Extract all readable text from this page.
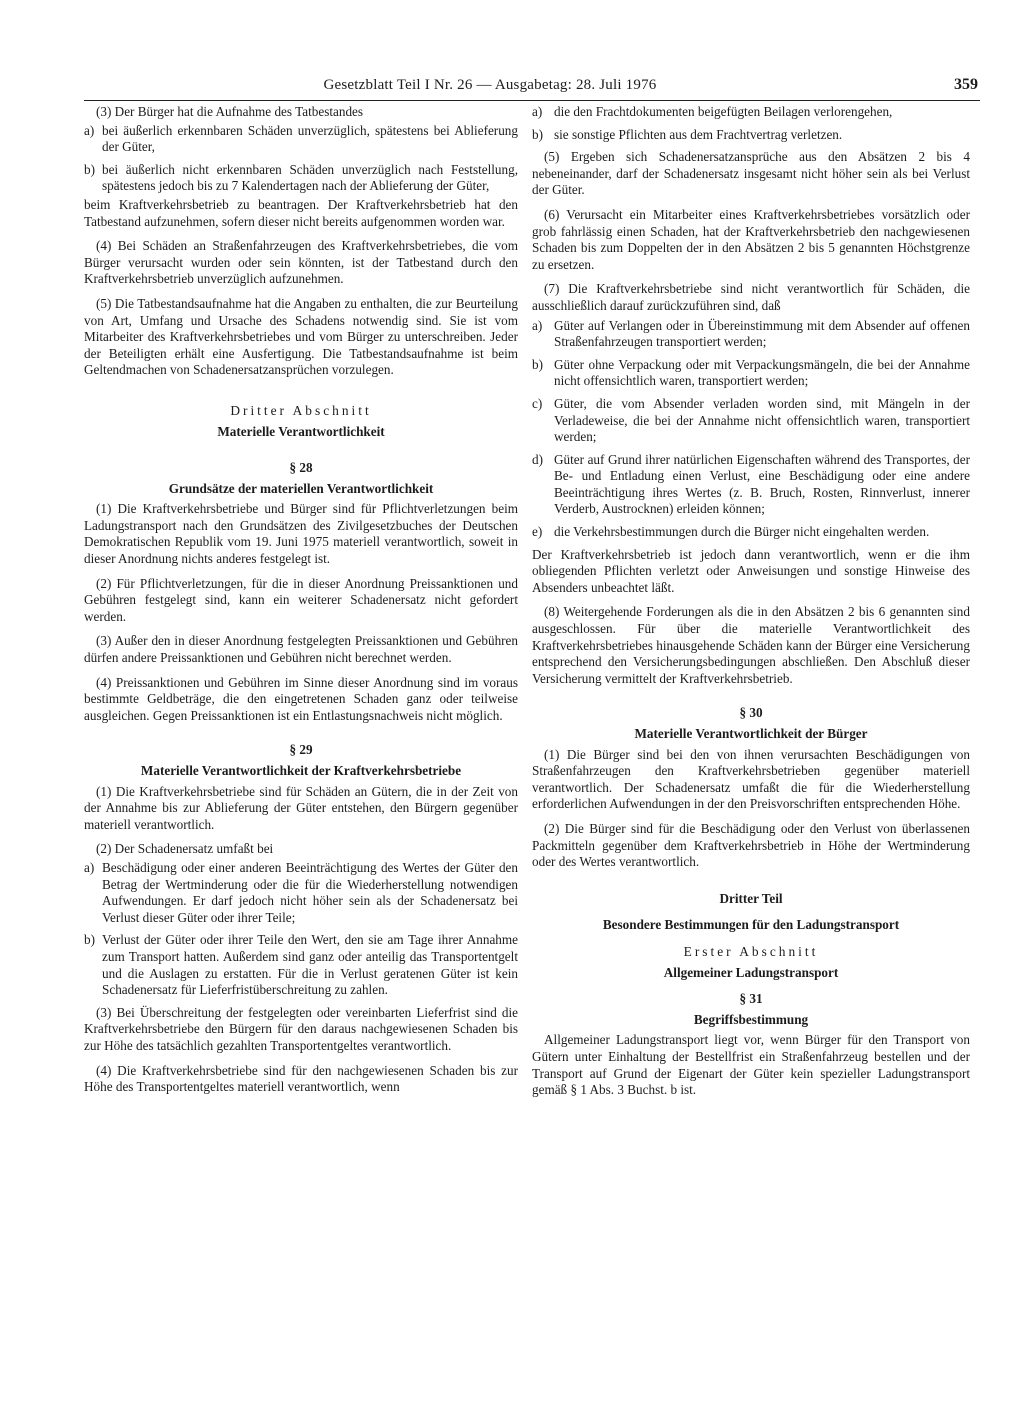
Gesetzblatt Teil I Nr. 26 — Ausgabetag: 28. Juli 1976	359

(3) Der Bürger hat die Aufnahme des Tatbestandes

a) bei äußerlich erkennbaren Schäden unverzüglich, spätestens bei Ablieferung der Güter,
b) bei äußerlich nicht erkennbaren Schäden unverzüglich nach Feststellung, spätestens jedoch bis zu 7 Kalendertagen nach der Ablieferung der Güter,

beim Kraftverkehrsbetrieb zu beantragen. Der Kraftverkehrsbetrieb hat den Tatbestand aufzunehmen, sofern dieser nicht bereits aufgenommen worden war.

(4) Bei Schäden an Straßenfahrzeugen des Kraftverkehrsbetriebes, die vom Bürger verursacht wurden oder sein könnten, ist der Tatbestand durch den Kraftverkehrsbetrieb unverzüglich aufzunehmen.

(5) Die Tatbestandsaufnahme hat die Angaben zu enthalten, die zur Beurteilung von Art, Umfang und Ursache des Schadens notwendig sind. Sie ist vom Mitarbeiter des Kraftverkehrsbetriebes und vom Bürger zu unterschreiben. Jeder der Beteiligten erhält eine Ausfertigung. Die Tatbestandsaufnahme ist beim Geltendmachen von Schadenersatzansprüchen vorzulegen.

Dritter Abschnitt
Materielle Verantwortlichkeit
§ 28
Grundsätze der materiellen Verantwortlichkeit

(1) Die Kraftverkehrsbetriebe und Bürger sind für Pflichtverletzungen beim Ladungstransport nach den Grundsätzen des Zivilgesetzbuches der Deutschen Demokratischen Republik vom 19. Juni 1975 materiell verantwortlich, soweit in dieser Anordnung nichts anderes festgelegt ist.

(2) Für Pflichtverletzungen, für die in dieser Anordnung Preissanktionen und Gebühren festgelegt sind, kann ein weiterer Schadenersatz nicht gefordert werden.

(3) Außer den in dieser Anordnung festgelegten Preissanktionen und Gebühren dürfen andere Preissanktionen und Gebühren nicht berechnet werden.

(4) Preissanktionen und Gebühren im Sinne dieser Anordnung sind im voraus bestimmte Geldbeträge, die den eingetretenen Schaden ganz oder teilweise ausgleichen. Gegen Preissanktionen ist ein Entlastungsnachweis nicht möglich.

§ 29
Materielle Verantwortlichkeit der Kraftverkehrsbetriebe

(1) Die Kraftverkehrsbetriebe sind für Schäden an Gütern, die in der Zeit von der Annahme bis zur Ablieferung der Güter entstehen, den Bürgern gegenüber materiell verantwortlich.

(2) Der Schadenersatz umfaßt bei

a) Beschädigung oder einer anderen Beeinträchtigung des Wertes der Güter den Betrag der Wertminderung oder die für die Wiederherstellung notwendigen Aufwendungen. Er darf jedoch nicht höher sein als der Schadenersatz bei Verlust dieser Güter oder ihrer Teile;
b) Verlust der Güter oder ihrer Teile den Wert, den sie am Tage ihrer Annahme zum Transport hatten. Außerdem sind ganz oder anteilig das Transportentgelt und die Auslagen zu erstatten. Für die in Verlust geratenen Güter ist kein Schadenersatz für Lieferfristüberschreitung zu zahlen.

(3) Bei Überschreitung der festgelegten oder vereinbarten Lieferfrist sind die Kraftverkehrsbetriebe den Bürgern für den daraus nachgewiesenen Schaden bis zur Höhe des tatsächlich gezahlten Transportentgeltes verantwortlich.

(4) Die Kraftverkehrsbetriebe sind für den nachgewiesenen Schaden bis zur Höhe des Transportentgeltes materiell verantwortlich, wenn

a) die den Frachtdokumenten beigefügten Beilagen verlorengehen,
b) sie sonstige Pflichten aus dem Frachtvertrag verletzen.

(5) Ergeben sich Schadenersatzansprüche aus den Absätzen 2 bis 4 nebeneinander, darf der Schadenersatz insgesamt nicht höher sein als bei Verlust der Güter.

(6) Verursacht ein Mitarbeiter eines Kraftverkehrsbetriebes vorsätzlich oder grob fahrlässig einen Schaden, hat der Kraftverkehrsbetrieb den nachgewiesenen Schaden bis zum Doppelten der in den Absätzen 2 bis 5 genannten Höchstgrenze zu ersetzen.

(7) Die Kraftverkehrsbetriebe sind nicht verantwortlich für Schäden, die ausschließlich darauf zurückzuführen sind, daß

a) Güter auf Verlangen oder in Übereinstimmung mit dem Absender auf offenen Straßenfahrzeugen transportiert werden;
b) Güter ohne Verpackung oder mit Verpackungsmängeln, die bei der Annahme nicht offensichtlich waren, transportiert werden;
c) Güter, die vom Absender verladen worden sind, mit Mängeln in der Verladeweise, die bei der Annahme nicht offensichtlich waren, transportiert werden;
d) Güter auf Grund ihrer natürlichen Eigenschaften während des Transportes, der Be- und Entladung einen Verlust, eine Beschädigung oder eine andere Beeinträchtigung ihres Wertes (z. B. Bruch, Rosten, Rinnverlust, innerer Verderb, Austrocknen) erleiden können;
e) die Verkehrsbestimmungen durch die Bürger nicht eingehalten werden.

Der Kraftverkehrsbetrieb ist jedoch dann verantwortlich, wenn er die ihm obliegenden Pflichten verletzt oder Anweisungen und sonstige Hinweise des Absenders unbeachtet läßt.

(8) Weitergehende Forderungen als die in den Absätzen 2 bis 6 genannten sind ausgeschlossen. Für über die materielle Verantwortlichkeit des Kraftverkehrsbetriebes hinausgehende Schäden kann der Bürger eine Versicherung entsprechend den Versicherungsbedingungen abschließen. Den Abschluß dieser Versicherung vermittelt der Kraftverkehrsbetrieb.

§ 30
Materielle Verantwortlichkeit der Bürger

(1) Die Bürger sind bei den von ihnen verursachten Beschädigungen von Straßenfahrzeugen den Kraftverkehrsbetrieben gegenüber materiell verantwortlich. Der Schadenersatz umfaßt die für die Wiederherstellung erforderlichen Aufwendungen in der den Preisvorschriften entsprechenden Höhe.

(2) Die Bürger sind für die Beschädigung oder den Verlust von überlassenen Packmitteln gegenüber dem Kraftverkehrsbetrieb in Höhe der Wertminderung oder des Wertes verantwortlich.

Dritter Teil
Besondere Bestimmungen für den Ladungstransport
Erster Abschnitt
Allgemeiner Ladungstransport
§ 31
Begriffsbestimmung

Allgemeiner Ladungstransport liegt vor, wenn Bürger für den Transport von Gütern unter Einhaltung der Bestellfrist ein Straßenfahrzeug bestellen und der Transport auf Grund der Eigenart der Güter kein spezieller Ladungstransport gemäß § 1 Abs. 3 Buchst. b ist.
